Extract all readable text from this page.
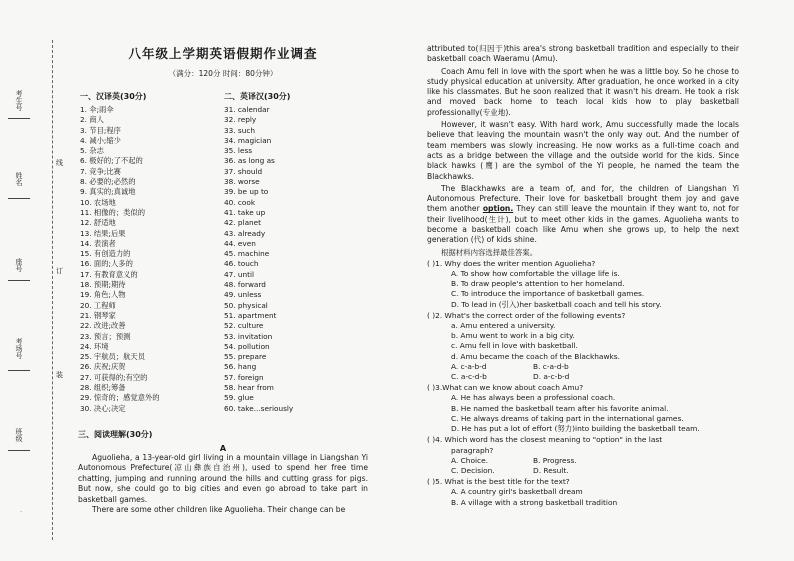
考生号
姓名
座号
考场号
班级
线
订
装
八年级上学期英语假期作业调查
（满分：120分 时间：80分钟）
一、汉译英(30分)
1. 伞;雨伞
2. 商人
3. 节目;程序
4. 减小;缩少
5. 杂志
6. 极好的;了不起的
7. 竞争;比赛
8. 必要的;必然的
9. 真实的;真诚地
10. 农场地
11. 相像的；类似的
12. 舒适地
13. 结果;后果
14. 表演者
15. 有创造力的
16. 面的;人多的
17. 有教育意义的
18. 预期;期待
19. 角色;人物
20. 工程师
21. 钢琴家
22. 改进;改善
23. 预言；预测
24. 环境
25. 宇航员；航天员
26. 庆祝;庆贺
27. 可获得的;有空的
28. 组织;筹备
29. 惊奇的；感觉意外的
30. 决心;决定
二、英译汉(30分)
31. calendar
32. reply
33. such
34. magician
35. less
36. as long as
37. should
38. worse
39. be up to
40. cook
41. take up
42. planet
43. already
44. even
45. machine
46. touch
47. until
48. forward
49. unless
50. physical
51. apartment
52. culture
53. invitation
54. pollution
55. prepare
56. hang
57. foreign
58. hear from
59. glue
60. take...seriously
三、阅读理解(30分)
A

Aguolieha, a 13-year-old girl living in a mountain village in Liangshan Yi Autonomous Prefecture(凉山彝族自治州), used to spend her free time chatting, jumping and running around the hills and cutting grass for pigs. But now, she could go to big cities and even go abroad to take part in basketball games.

There are some other children like Aguolieha. Their change can be

attributed to(归因于)this area's strong basketball tradition and especially to their basketball coach Waeramu (Amu).

Coach Amu fell in love with the sport when he was a little boy. So he chose to study physical education at university. After graduation, he once worked in a city like his classmates. But he soon realized that it wasn't his dream. He took a risk and moved back home to teach local kids how to play basketball professionally(专业地).

However, it wasn't easy. With hard work, Amu successfully made the locals believe that leaving the mountain wasn't the only way out. And the number of team members was slowly increasing. He now works as a full-time coach and acts as a bridge between the village and the outside world for the kids. Since black hawks (鹰) are the symbol of the Yi people, he named the team the Blackhawks.

The Blackhawks are a team of, and for, the children of Liangshan Yi Autonomous Prefecture. Their love for basketball brought them joy and gave them another option. They can still leave the mountain if they want to, not for their livelihood(生计), but to meet other kids in the games. Aguolieha wants to become a basketball coach like Amu when she grows up, to help the next generation (代) of kids shine.

根据材料内容选择最佳答案。
( )1. Why does the writer mention Aguolieha?
A. To show how comfortable the village life is.
B. To draw people's attention to her homeland.
C. To introduce the importance of basketball games.
D. To lead in (引入)her basketball coach and tell his story.
( )2. What's the correct order of the following events?
a. Amu entered a university.
b. Amu went to work in a big city.
c. Amu fell in love with basketball.
d. Amu became the coach of the Blackhawks.
A. c-a-b-d	B. c-a-d-b
C. a-c-d-b	D. a-c-b-d
( )3.What can we know about coach Amu?
A. He has always been a professional coach.
B. He named the basketball team after his favorite animal.
C. He always dreams of taking part in the international games.
D. He has put a lot of effort (努力)into building the basketball team.
( )4. Which word has the closest meaning to "option" in the last
paragraph?
A. Choice.	B. Progress.
C. Decision.	D. Result.
( )5. What is the best title for the text?
A. A country girl's basketball dream
B. A village with a strong basketball tradition
·
